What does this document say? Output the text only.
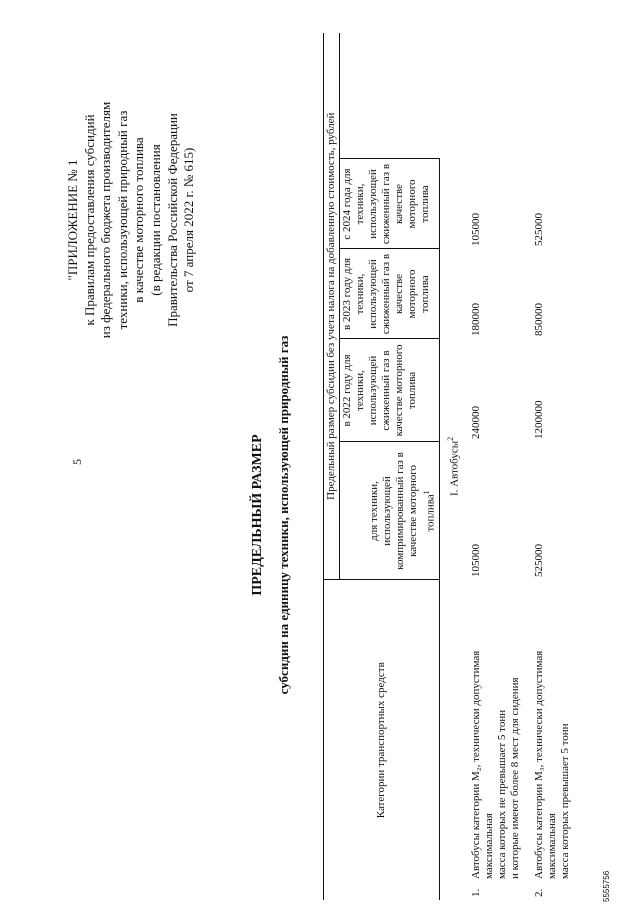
5
"ПРИЛОЖЕНИЕ № 1 к Правилам предоставления субсидий из федерального бюджета производителям техники, использующей природный газ в качестве моторного топлива (в редакции постановления Правительства Российской Федерации от 7 апреля 2022 г. № 615)
ПРЕДЕЛЬНЫЙ РАЗМЕР субсидии на единицу техники, использующей природный газ
Категории транспортных средств		Предельный размер субсидии без учета налога на добавленную стоимость, рублей				
		для техники, использующей компримированный газ в качестве моторного топлива$^1$	в 2022 году для техники, использующей сжиженный газ в качестве моторного топлива	в 2023 году для техники, использующей сжиженный газ в качестве моторного топлива	с 2024 года для техники, использующей сжиженный газ в качестве моторного топлива
I. Автобусы$^2$
1.	Автобусы категории M₂, технически допустимая максимальная масса которых не превышает 5 тонн и которые имеют более 8 мест для сидения	105000	240000	180000	105000	
2.	Автобусы категории M₃, технически допустимая максимальная масса которых превышает 5 тонн	525000	1200000	850000	525000	
5555756
